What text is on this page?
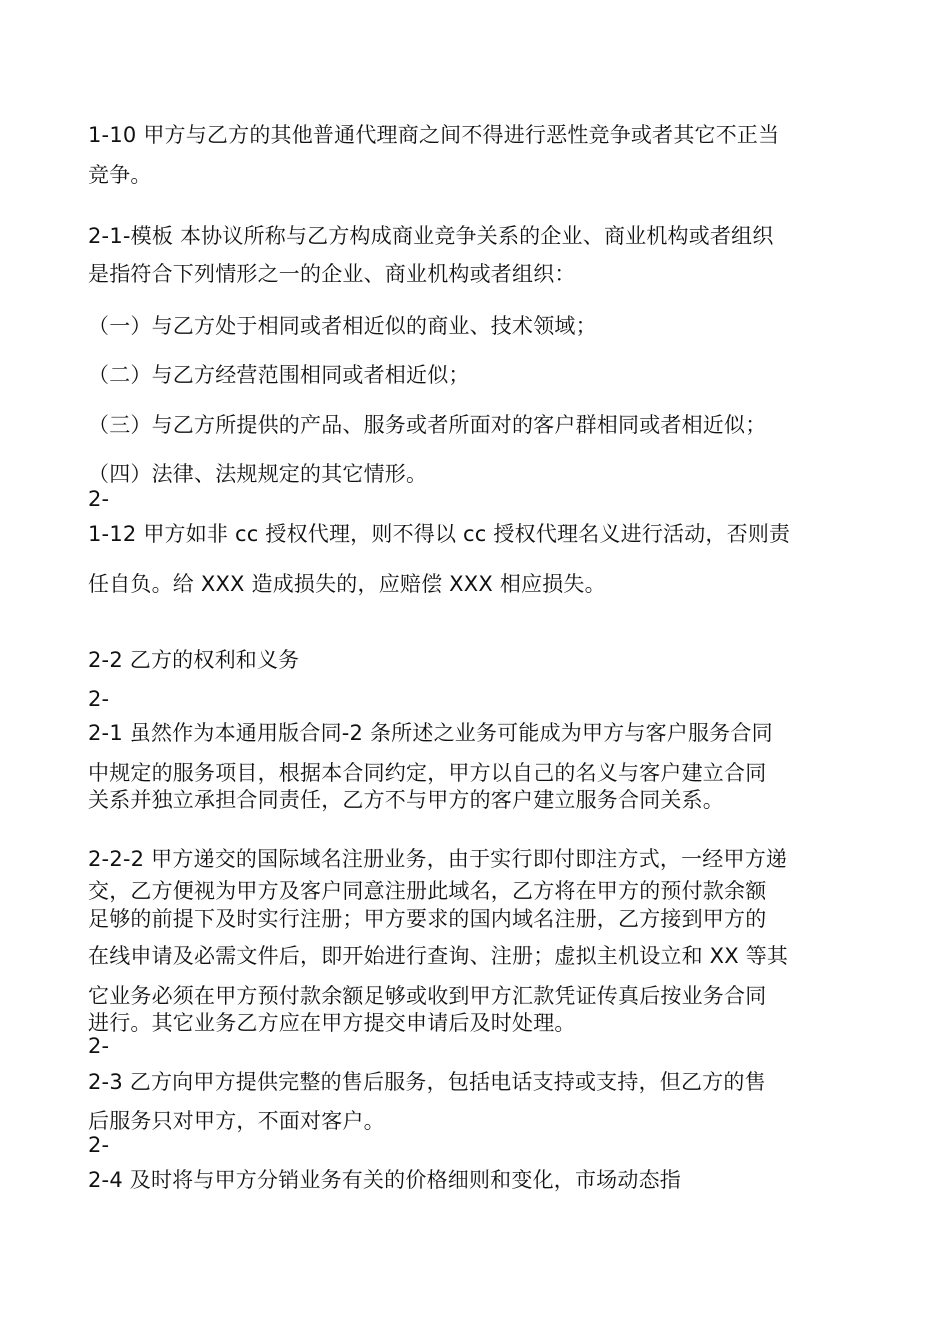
1-10 甲方与乙方的其他普通代理商之间不得进行恶性竞争或者其它不正当
竞争。
2-1-模板 本协议所称与乙方构成商业竞争关系的企业、商业机构或者组织
是指符合下列情形之一的企业、商业机构或者组织：
（一）与乙方处于相同或者相近似的商业、技术领域；
（二）与乙方经营范围相同或者相近似；
（三）与乙方所提供的产品、服务或者所面对的客户群相同或者相近似；
（四）法律、法规规定的其它情形。
2-
1-12 甲方如非 cc 授权代理，则不得以 cc 授权代理名义进行活动，否则责
任自负。给 XXX 造成损失的，应赔偿 XXX 相应损失。
2-2 乙方的权利和义务
2-
2-1 虽然作为本通用版合同-2 条所述之业务可能成为甲方与客户服务合同
中规定的服务项目，根据本合同约定，甲方以自己的名义与客户建立合同
关系并独立承担合同责任，乙方不与甲方的客户建立服务合同关系。
2-2-2 甲方递交的国际域名注册业务，由于实行即付即注方式，一经甲方递
交，乙方便视为甲方及客户同意注册此域名，乙方将在甲方的预付款余额
足够的前提下及时实行注册；甲方要求的国内域名注册，乙方接到甲方的
在线申请及必需文件后，即开始进行查询、注册；虚拟主机设立和 XX 等其
它业务必须在甲方预付款余额足够或收到甲方汇款凭证传真后按业务合同
进行。其它业务乙方应在甲方提交申请后及时处理。
2-
2-3 乙方向甲方提供完整的售后服务，包括电话支持或支持，但乙方的售
后服务只对甲方，不面对客户。
2-
2-4 及时将与甲方分销业务有关的价格细则和变化，市场动态指
